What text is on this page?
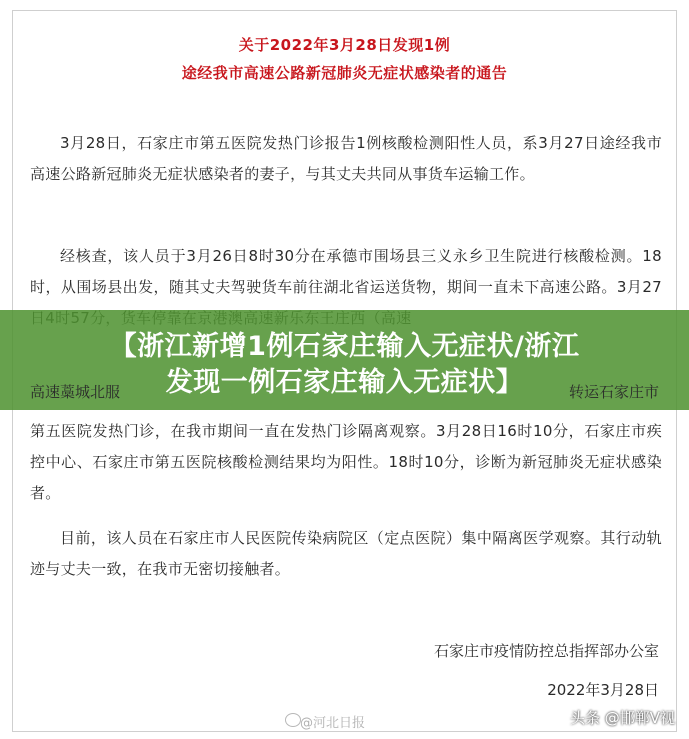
关于2022年3月28日发现1例
途经我市高速公路新冠肺炎无症状感染者的通告

3月28日，石家庄市第五医院发热门诊报告1例核酸检测阳性人员，系3月27日途经我市高速公路新冠肺炎无症状感染者的妻子，与其丈夫共同从事货车运输工作。

经核查，该人员于3月26日8时30分在承德市围场县三义永乡卫生院进行核酸检测。18时，从围场县出发，随其丈夫驾驶货车前往湖北省运送货物，期间一直未下高速公路。3月27

【浙江新增1例石家庄输入无症状/浙江
发现一例石家庄输入无症状】
高速藁城北服	转运石家庄市

第五医院发热门诊，在我市期间一直在发热门诊隔离观察。3月28日16时10分，石家庄市疾控中心、石家庄市第五医院核酸检测结果均为阳性。18时10分，诊断为新冠肺炎无症状感染者。

目前，该人员在石家庄市人民医院传染病院区（定点医院）集中隔离医学观察。其行动轨迹与丈夫一致，在我市无密切接触者。

石家庄市疫情防控总指挥部办公室
2022年3月28日
@河北日报	头条 @邯郸V视
